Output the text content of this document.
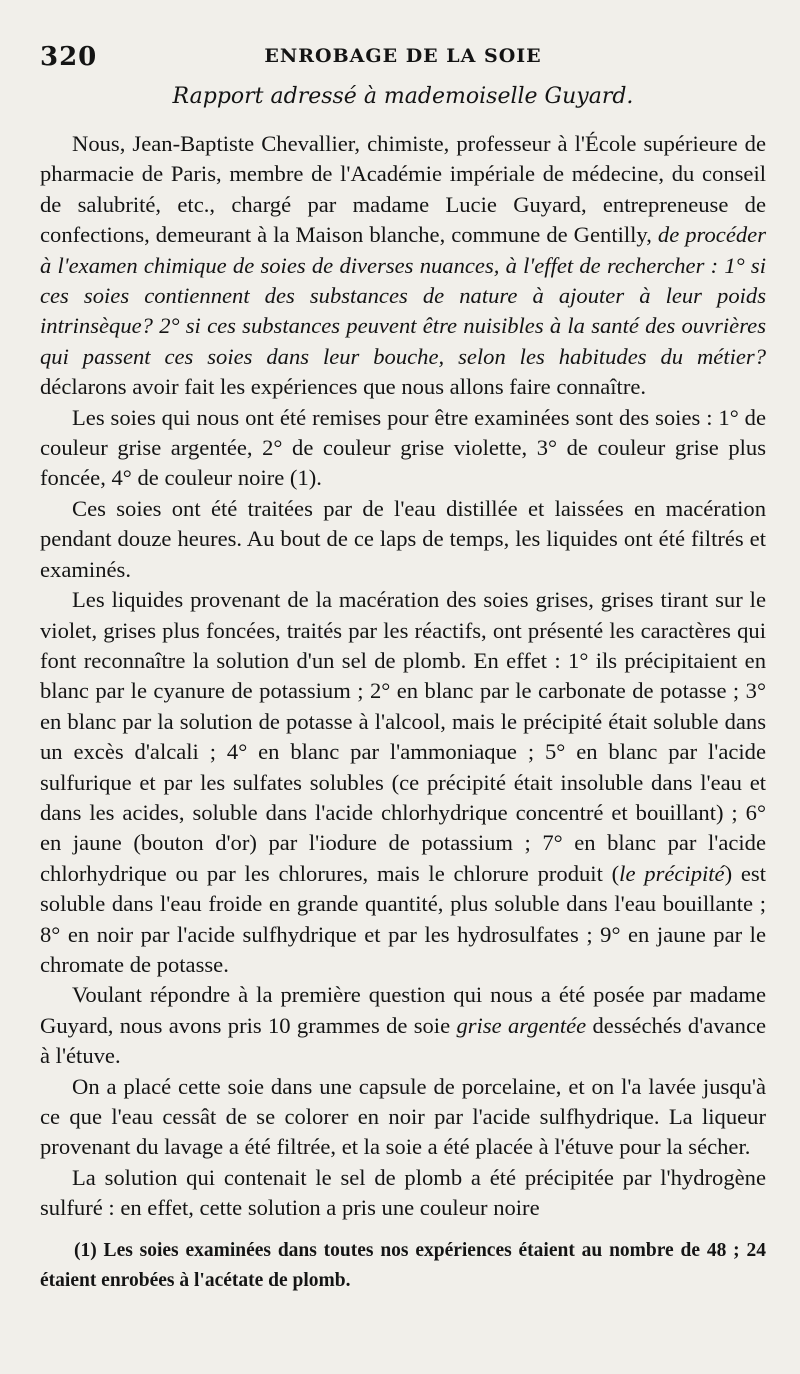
320	ENROBAGE DE LA SOIE
Rapport adressé à mademoiselle Guyard.

Nous, Jean-Baptiste Chevallier, chimiste, professeur à l'École supérieure de pharmacie de Paris, membre de l'Académie impériale de médecine, du conseil de salubrité, etc., chargé par madame Lucie Guyard, entrepreneuse de confections, demeurant à la Maison blanche, commune de Gentilly, de procéder à l'examen chimique de soies de diverses nuances, à l'effet de rechercher : 1° si ces soies contiennent des substances de nature à ajouter à leur poids intrinsèque? 2° si ces substances peuvent être nuisibles à la santé des ouvrières qui passent ces soies dans leur bouche, selon les habitudes du métier? déclarons avoir fait les expériences que nous allons faire connaître.

Les soies qui nous ont été remises pour être examinées sont des soies : 1° de couleur grise argentée, 2° de couleur grise violette, 3° de couleur grise plus foncée, 4° de couleur noire (1).

Ces soies ont été traitées par de l'eau distillée et laissées en macération pendant douze heures. Au bout de ce laps de temps, les liquides ont été filtrés et examinés.

Les liquides provenant de la macération des soies grises, grises tirant sur le violet, grises plus foncées, traités par les réactifs, ont présenté les caractères qui font reconnaître la solution d'un sel de plomb. En effet : 1° ils précipitaient en blanc par le cyanure de potassium ; 2° en blanc par le carbonate de potasse ; 3° en blanc par la solution de potasse à l'alcool, mais le précipité était soluble dans un excès d'alcali ; 4° en blanc par l'ammoniaque ; 5° en blanc par l'acide sulfurique et par les sulfates solubles (ce précipité était insoluble dans l'eau et dans les acides, soluble dans l'acide chlorhydrique concentré et bouillant) ; 6° en jaune (bouton d'or) par l'iodure de potassium ; 7° en blanc par l'acide chlorhydrique ou par les chlorures, mais le chlorure produit (le précipité) est soluble dans l'eau froide en grande quantité, plus soluble dans l'eau bouillante ; 8° en noir par l'acide sulfhydrique et par les hydrosulfates ; 9° en jaune par le chromate de potasse.

Voulant répondre à la première question qui nous a été posée par madame Guyard, nous avons pris 10 grammes de soie grise argentée desséchés d'avance à l'étuve.

On a placé cette soie dans une capsule de porcelaine, et on l'a lavée jusqu'à ce que l'eau cessât de se colorer en noir par l'acide sulfhydrique. La liqueur provenant du lavage a été filtrée, et la soie a été placée à l'étuve pour la sécher.

La solution qui contenait le sel de plomb a été précipitée par l'hydrogène sulfuré : en effet, cette solution a pris une couleur noire

(1) Les soies examinées dans toutes nos expériences étaient au nombre de 48 ; 24 étaient enrobées à l'acétate de plomb.
